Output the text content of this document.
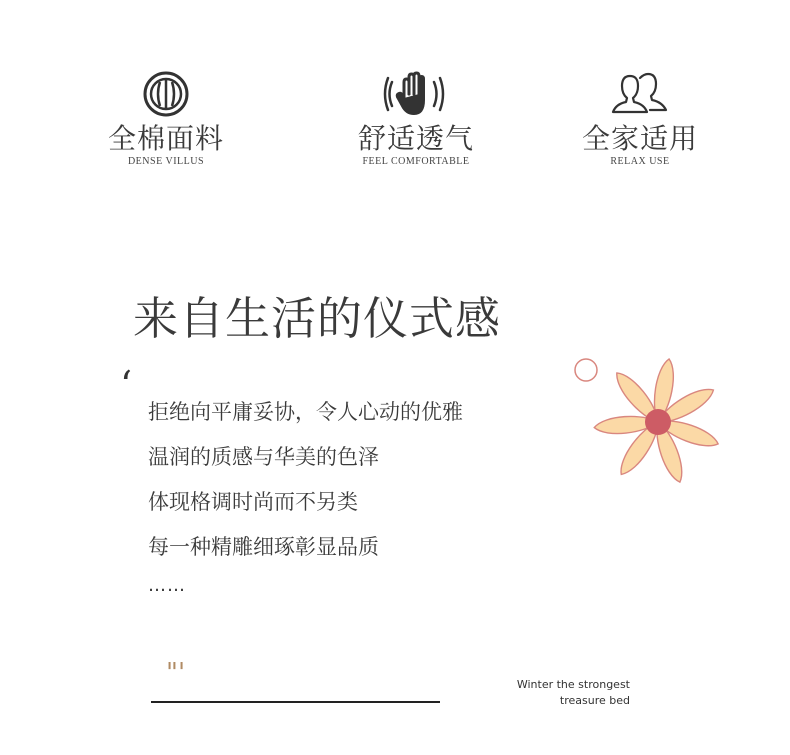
全棉面料
DENSE VILLUS
舒适透气
FEEL COMFORTABLE
全家适用
RELAX USE
来自生活的仪式感
‘
拒绝向平庸妥协，令人心动的优雅
温润的质感与华美的色泽
体现格调时尚而不另类
每一种精雕细琢彰显品质
……
"'	Winter the strongest
treasure bed
